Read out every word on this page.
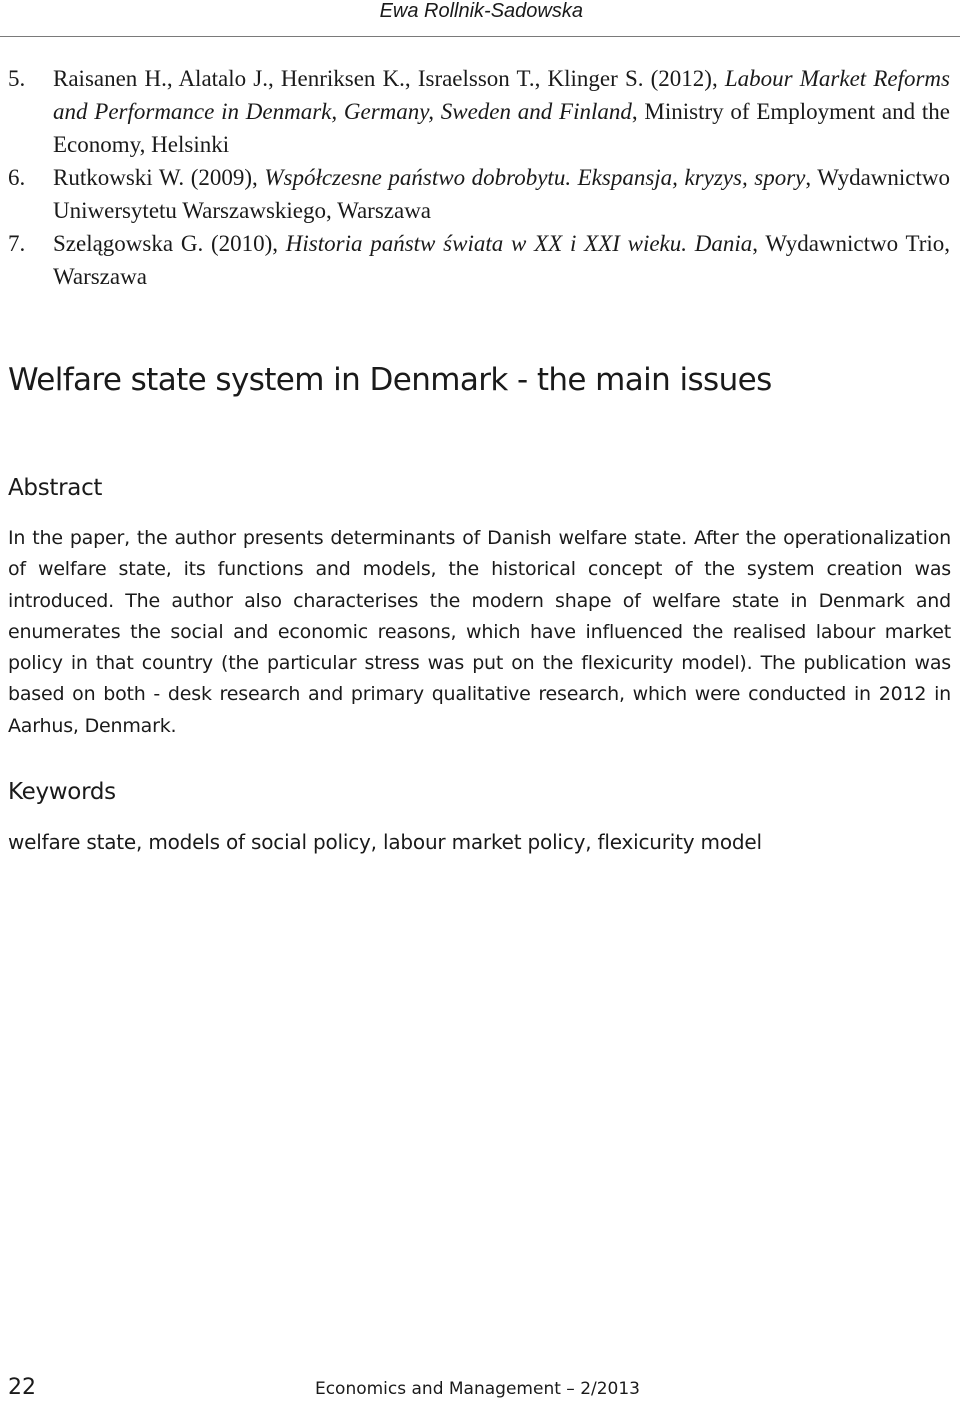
Ewa Rollnik-Sadowska
5. Raisanen H., Alatalo J., Henriksen K., Israelsson T., Klinger S. (2012), Labour Market Reforms and Performance in Denmark, Germany, Sweden and Finland, Ministry of Employment and the Economy, Helsinki
6. Rutkowski W. (2009), Współczesne państwo dobrobytu. Ekspansja, kryzys, spory, Wydawnictwo Uniwersytetu Warszawskiego, Warszawa
7. Szelągowska G. (2010), Historia państw świata w XX i XXI wieku. Dania, Wydawnictwo Trio, Warszawa
Welfare state system in Denmark - the main issues
Abstract

In the paper, the author presents determinants of Danish welfare state. After the operationalization of welfare state, its functions and models, the historical concept of the system creation was introduced. The author also characterises the modern shape of welfare state in Denmark and enumerates the social and economic reasons, which have influenced the realised labour market policy in that country (the particular stress was put on the flexicurity model). The publication was based on both - desk research and primary qualitative research, which were conducted in 2012 in Aarhus, Denmark.

Keywords

welfare state, models of social policy, labour market policy, flexicurity model

22	Economics and Management – 2/2013
